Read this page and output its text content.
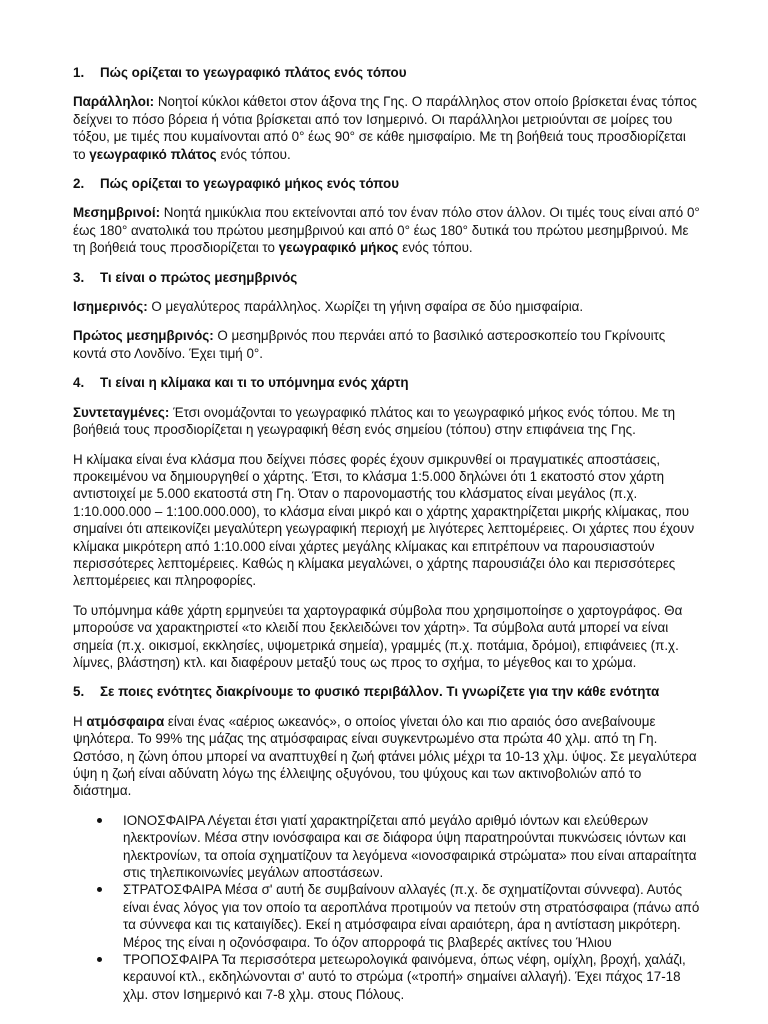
1.	Πώς ορίζεται το γεωγραφικό πλάτος ενός τόπου
Παράλληλοι: Νοητοί κύκλοι κάθετοι στον άξονα της Γης. Ο παράλληλος στον οποίο βρίσκεται ένας τόπος δείχνει το πόσο βόρεια ή νότια βρίσκεται από τον Ισημερινό. Οι παράλληλοι μετριούνται σε μοίρες του τόξου, με τιμές που κυμαίνονται από 0° έως 90° σε κάθε ημισφαίριο. Με τη βοήθειά τους προσδιορίζεται το γεωγραφικό πλάτος ενός τόπου.
2.	Πώς ορίζεται το γεωγραφικό μήκος ενός τόπου
Μεσημβρινοί: Νοητά ημικύκλια που εκτείνονται από τον έναν πόλο στον άλλον. Οι τιμές τους είναι από 0° έως 180° ανατολικά του πρώτου μεσημβρινού και από 0° έως 180° δυτικά του πρώτου μεσημβρινού. Με τη βοήθειά τους προσδιορίζεται το γεωγραφικό μήκος ενός τόπου.
3.	Τι είναι ο πρώτος μεσημβρινός
Ισημερινός: Ο μεγαλύτερος παράλληλος. Χωρίζει τη γήινη σφαίρα σε δύο ημισφαίρια.
Πρώτος μεσημβρινός: Ο μεσημβρινός που περνάει από το βασιλικό αστεροσκοπείο του Γκρίνουιτς κοντά στο Λονδίνο. Έχει τιμή 0°.
4.	Τι είναι η κλίμακα και τι το υπόμνημα ενός χάρτη
Συντεταγμένες: Έτσι ονομάζονται το γεωγραφικό πλάτος και το γεωγραφικό μήκος ενός τόπου. Με τη βοήθειά τους προσδιορίζεται η γεωγραφική θέση ενός σημείου (τόπου) στην επιφάνεια της Γης.
Η κλίμακα είναι ένα κλάσμα που δείχνει πόσες φορές έχουν σμικρυνθεί οι πραγματικές αποστάσεις, προκειμένου να δημιουργηθεί ο χάρτης. Έτσι, το κλάσμα 1:5.000 δηλώνει ότι 1 εκατοστό στον χάρτη αντιστοιχεί με 5.000 εκατοστά στη Γη. Όταν ο παρονομαστής του κλάσματος είναι μεγάλος (π.χ. 1:10.000.000 – 1:100.000.000), το κλάσμα είναι μικρό και ο χάρτης χαρακτηρίζεται μικρής κλίμακας, που σημαίνει ότι απεικονίζει μεγαλύτερη γεωγραφική περιοχή με λιγότερες λεπτομέρειες. Οι χάρτες που έχουν κλίμακα μικρότερη από 1:10.000 είναι χάρτες μεγάλης κλίμακας και επιτρέπουν να παρουσιαστούν περισσότερες λεπτομέρειες. Καθώς η κλίμακα μεγαλώνει, ο χάρτης παρουσιάζει όλο και περισσότερες λεπτομέρειες και πληροφορίες.
Το υπόμνημα κάθε χάρτη ερμηνεύει τα χαρτογραφικά σύμβολα που χρησιμοποίησε ο χαρτογράφος. Θα μπορούσε να χαρακτηριστεί «το κλειδί που ξεκλειδώνει τον χάρτη». Τα σύμβολα αυτά μπορεί να είναι σημεία (π.χ. οικισμοί, εκκλησίες, υψομετρικά σημεία), γραμμές (π.χ. ποτάμια, δρόμοι), επιφάνειες (π.χ. λίμνες, βλάστηση) κτλ. και διαφέρουν μεταξύ τους ως προς το σχήμα, το μέγεθος και το χρώμα.
5.	Σε ποιες ενότητες διακρίνουμε το φυσικό περιβάλλον. Τι γνωρίζετε για την κάθε ενότητα
Η ατμόσφαιρα είναι ένας «αέριος ωκεανός», ο οποίος γίνεται όλο και πιο αραιός όσο ανεβαίνουμε ψηλότερα. Το 99% της μάζας της ατμόσφαιρας είναι συγκεντρωμένο στα πρώτα 40 χλμ. από τη Γη. Ωστόσο, η ζώνη όπου μπορεί να αναπτυχθεί η ζωή φτάνει μόλις μέχρι τα 10-13 χλμ. ύψος. Σε μεγαλύτερα ύψη η ζωή είναι αδύνατη λόγω της έλλειψης οξυγόνου, του ψύχους και των ακτινοβολιών από το διάστημα.
ΙΟΝΟΣΦΑΙΡΑ Λέγεται έτσι γιατί χαρακτηρίζεται από μεγάλο αριθμό ιόντων και ελεύθερων ηλεκτρονίων. Μέσα στην ιονόσφαιρα και σε διάφορα ύψη παρατηρούνται πυκνώσεις ιόντων και ηλεκτρονίων, τα οποία σχηματίζουν τα λεγόμενα «ιονοσφαιρικά στρώματα» που είναι απαραίτητα στις τηλεπικοινωνίες μεγάλων αποστάσεων.
ΣΤΡΑΤΟΣΦΑΙΡΑ Μέσα σ' αυτή δε συμβαίνουν αλλαγές (π.χ. δε σχηματίζονται σύννεφα). Αυτός είναι ένας λόγος για τον οποίο τα αεροπλάνα προτιμούν να πετούν στη στρατόσφαιρα (πάνω από τα σύννεφα και τις καταιγίδες). Εκεί η ατμόσφαιρα είναι αραιότερη, άρα η αντίσταση μικρότερη. Μέρος της είναι η οζονόσφαιρα. Το όζον απορροφά τις βλαβερές ακτίνες του Ήλιου
ΤΡΟΠΟΣΦΑΙΡΑ Τα περισσότερα μετεωρολογικά φαινόμενα, όπως νέφη, ομίχλη, βροχή, χαλάζι, κεραυνοί κτλ., εκδηλώνονται σ' αυτό το στρώμα («τροπή» σημαίνει αλλαγή). Έχει πάχος 17-18 χλμ. στον Ισημερινό και 7-8 χλμ. στους Πόλους.
